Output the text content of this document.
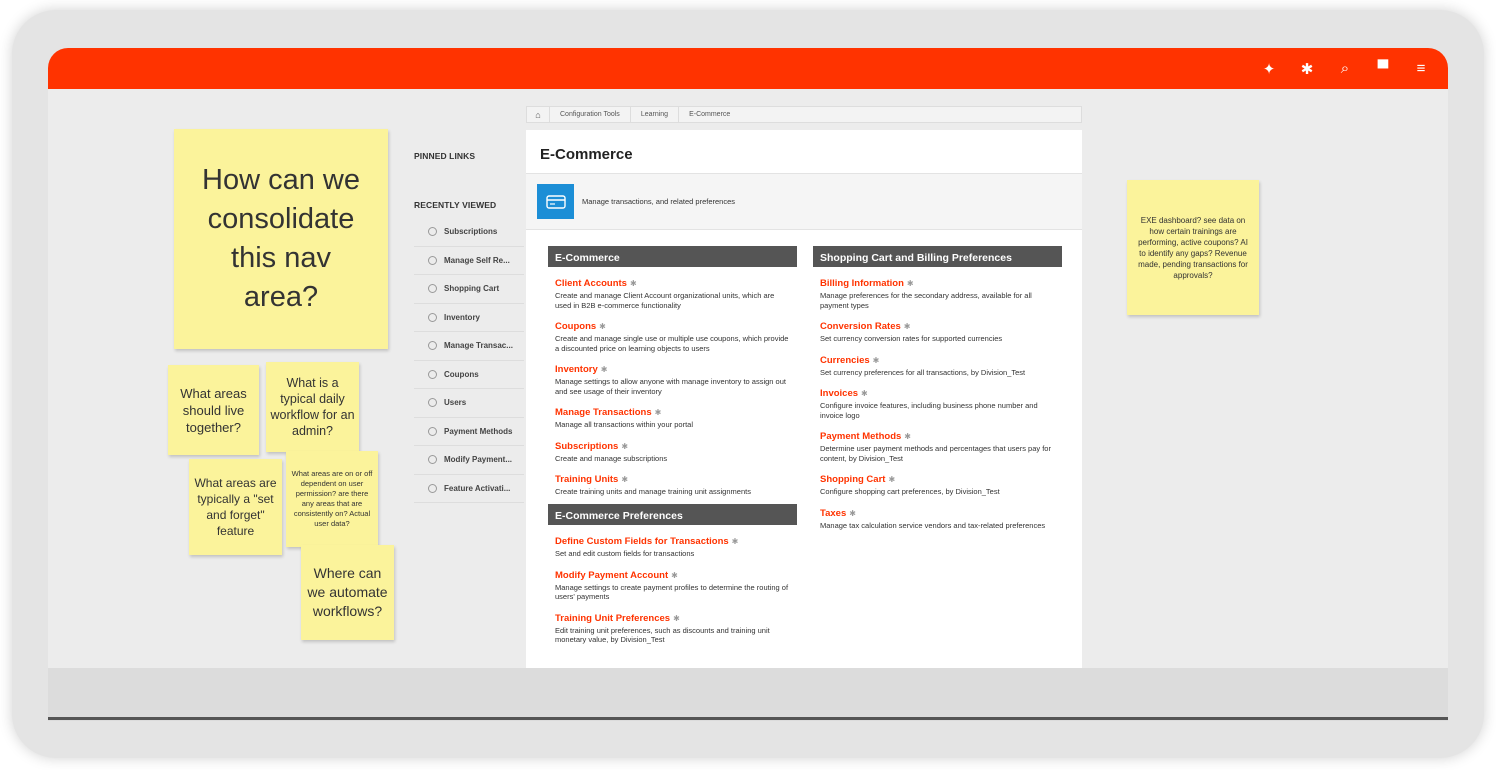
✦ ✱	⌕	▀	≡
⌂	Configuration Tools	Learning	E-Commerce
PINNED LINKS
RECENTLY VIEWED
Subscriptions
Manage Self Re...
Shopping Cart
Inventory
Manage Transac...
Coupons
Users
Payment Methods
Modify Payment...
Feature Activati...
E-Commerce
Manage transactions, and related preferences
E-Commerce
Client Accounts ✱
Create and manage Client Account organizational units, which are used in B2B e-commerce functionality
Coupons ✱
Create and manage single use or multiple use coupons, which provide a discounted price on learning objects to users
Inventory ✱
Manage settings to allow anyone with manage inventory to assign out and see usage of their inventory
Manage Transactions ✱
Manage all transactions within your portal
Subscriptions ✱
Create and manage subscriptions
Training Units ✱
Create training units and manage training unit assignments
E-Commerce Preferences
Define Custom Fields for Transactions ✱
Set and edit custom fields for transactions
Modify Payment Account ✱
Manage settings to create payment profiles to determine the routing of users' payments
Training Unit Preferences ✱
Edit training unit preferences, such as discounts and training unit monetary value, by Division_Test
Shopping Cart and Billing Preferences
Billing Information ✱
Manage preferences for the secondary address, available for all payment types
Conversion Rates ✱
Set currency conversion rates for supported currencies
Currencies ✱
Set currency preferences for all transactions, by Division_Test
Invoices ✱
Configure invoice features, including business phone number and invoice logo
Payment Methods ✱
Determine user payment methods and percentages that users pay for content, by Division_Test
Shopping Cart ✱
Configure shopping cart preferences, by Division_Test
Taxes ✱
Manage tax calculation service vendors and tax-related preferences
How can we consolidate this nav area?
What areas should live together?
What is a typical daily workflow for an admin?
What areas are typically a "set and forget" feature
What areas are on or off dependent on user permission? are there any areas that are consistently on? Actual user data?
Where can we automate workflows?
EXE dashboard? see data on how certain trainings are performing, active coupons? AI to identify any gaps? Revenue made, pending transactions for approvals?
